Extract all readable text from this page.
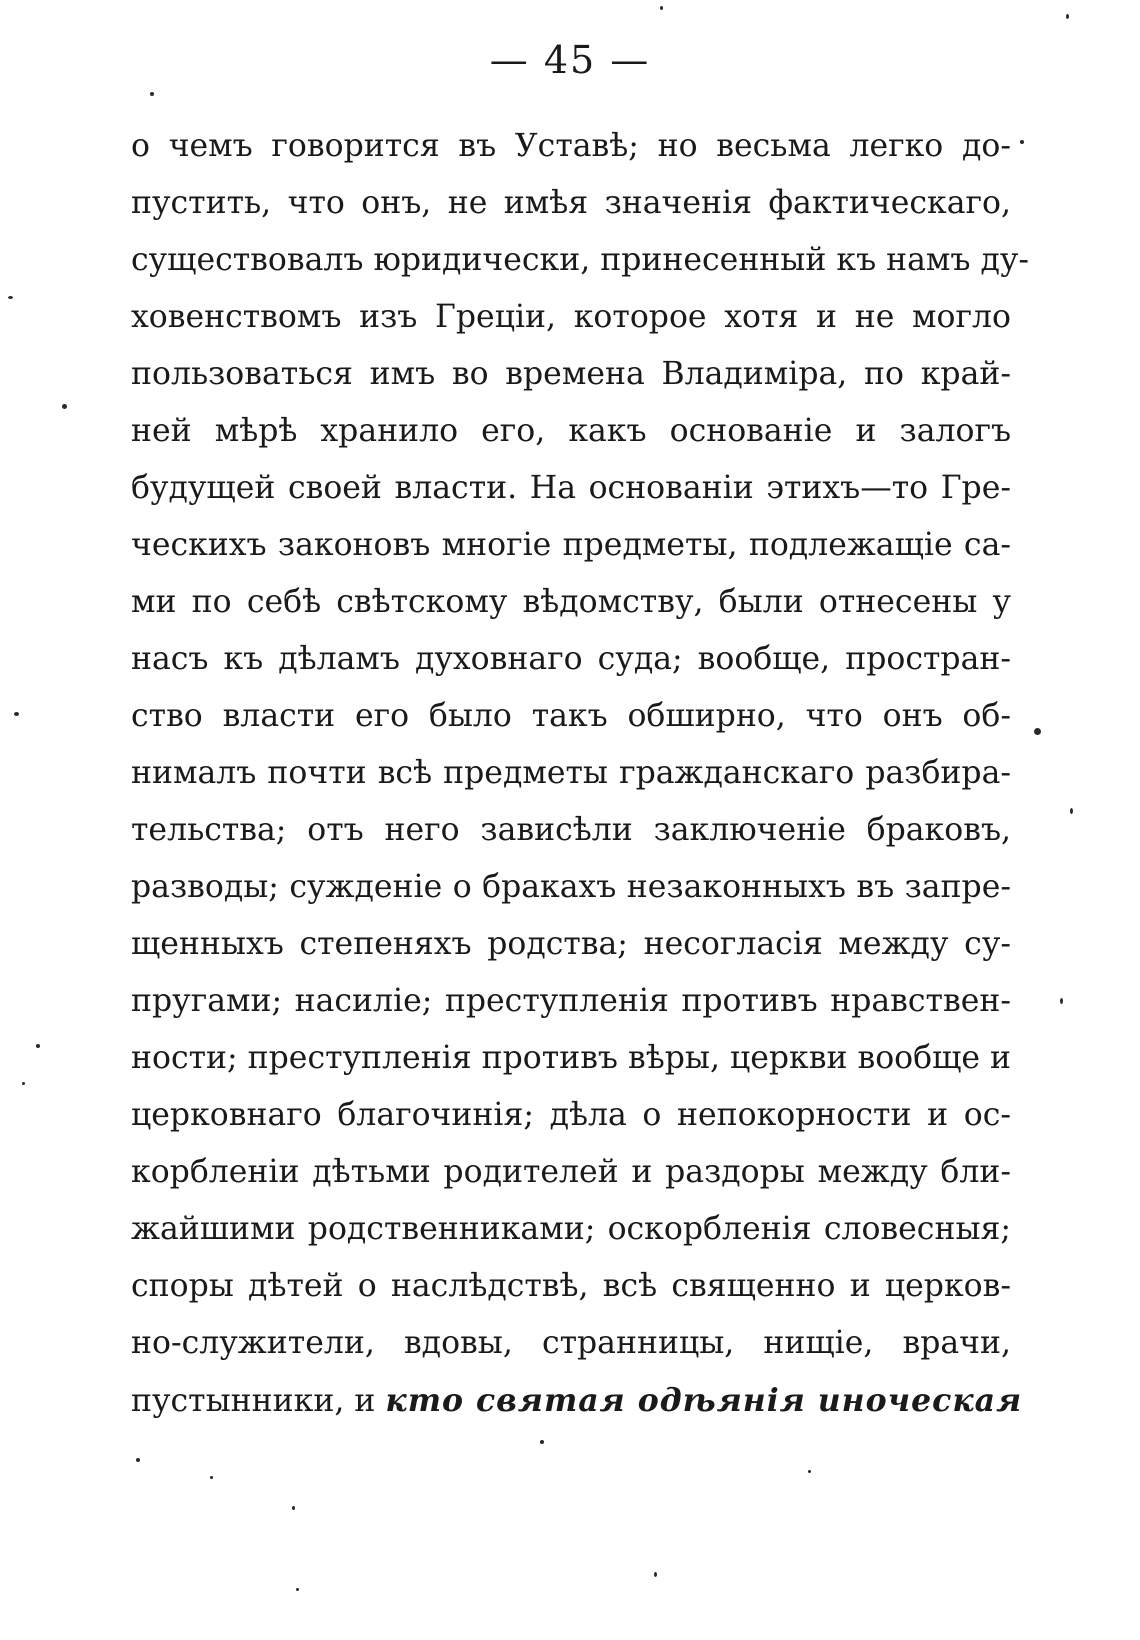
— 45 —
о чемъ говорится въ Уставѣ; но весьма легко до-
пустить, что онъ, не имѣя значенія фактическаго,
существовалъ юридически, принесенный къ намъ ду-
ховенствомъ изъ Греціи, которое хотя и не могло
пользоваться имъ во времена Владиміра, по край-
ней мѣрѣ хранило его, какъ основаніе и залогъ
будущей своей власти. На основаніи этихъ—то Гре-
ческихъ законовъ многіе предметы, подлежащіе са-
ми по себѣ свѣтскому вѣдомству, были отнесены у
насъ къ дѣламъ духовнаго суда; вообще, простран-
ство власти его было такъ обширно, что онъ об-
нималъ почти всѣ предметы гражданскаго разбира-
тельства; отъ него зависѣли заключеніе браковъ,
разводы; сужденіе о бракахъ незаконныхъ въ запре-
щенныхъ степеняхъ родства; несогласія между су-
пругами; насиліе; преступленія противъ нравствен-
ности; преступленія противъ вѣры, церкви вообще и
церковнаго благочинія; дѣла о непокорности и ос-
корбленіи дѣтьми родителей и раздоры между бли-
жайшими родственниками; оскорбленія словесныя;
споры дѣтей о наслѣдствѣ, всѣ священно и церков-
но-служители, вдовы, странницы, нищіе, врачи,
пустынники, и кто святая одѣянія иноческая
